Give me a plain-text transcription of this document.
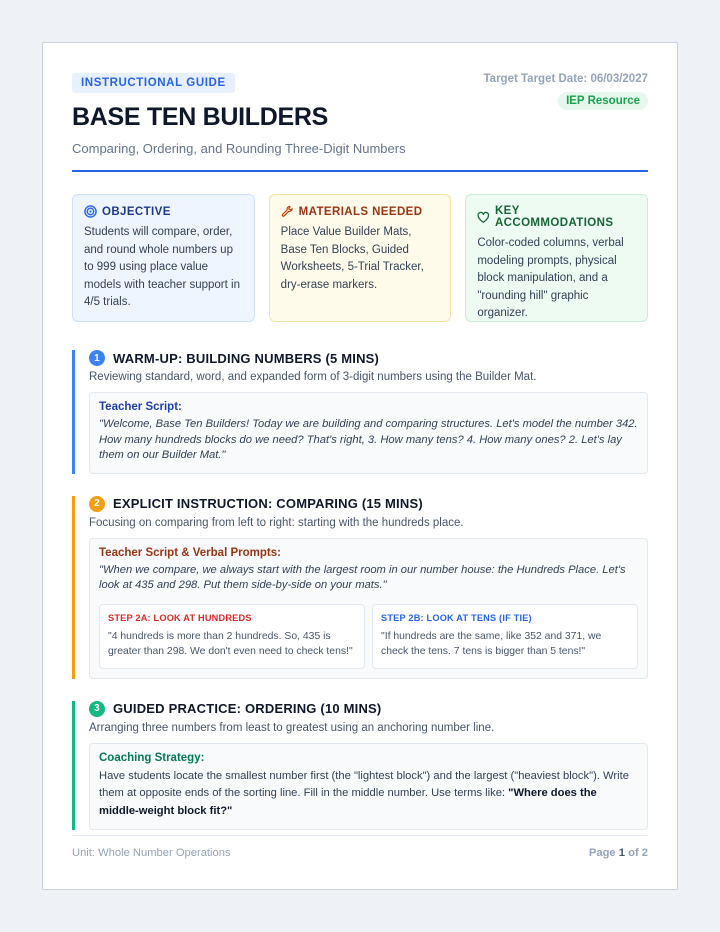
INSTRUCTIONAL GUIDE	Target Target Date: 06/03/2027
IEP Resource
BASE TEN BUILDERS
Comparing, Ordering, and Rounding Three-Digit Numbers
OBJECTIVE
Students will compare, order, and round whole numbers up to 999 using place value models with teacher support in 4/5 trials.
MATERIALS NEEDED
Place Value Builder Mats, Base Ten Blocks, Guided Worksheets, 5-Trial Tracker, dry-erase markers.
KEY ACCOMMODATIONS
Color-coded columns, verbal modeling prompts, physical block manipulation, and a "rounding hill" graphic organizer.
1	WARM-UP: BUILDING NUMBERS (5 MINS)
Reviewing standard, word, and expanded form of 3-digit numbers using the Builder Mat.
Teacher Script:
"Welcome, Base Ten Builders! Today we are building and comparing structures. Let's model the number 342. How many hundreds blocks do we need? That's right, 3. How many tens? 4. How many ones? 2. Let's lay them on our Builder Mat."
2	EXPLICIT INSTRUCTION: COMPARING (15 MINS)
Focusing on comparing from left to right: starting with the hundreds place.
Teacher Script & Verbal Prompts:
"When we compare, we always start with the largest room in our number house: the Hundreds Place. Let's look at 435 and 298. Put them side-by-side on your mats."
STEP 2A: LOOK AT HUNDREDS
"4 hundreds is more than 2 hundreds. So, 435 is greater than 298. We don't even need to check tens!"
STEP 2B: LOOK AT TENS (IF TIE)
"If hundreds are the same, like 352 and 371, we check the tens. 7 tens is bigger than 5 tens!"
3	GUIDED PRACTICE: ORDERING (10 MINS)
Arranging three numbers from least to greatest using an anchoring number line.
Coaching Strategy:
Have students locate the smallest number first (the "lightest block") and the largest ("heaviest block"). Write them at opposite ends of the sorting line. Fill in the middle number. Use terms like: "Where does the middle-weight block fit?"
Unit: Whole Number Operations	Page 1 of 2
